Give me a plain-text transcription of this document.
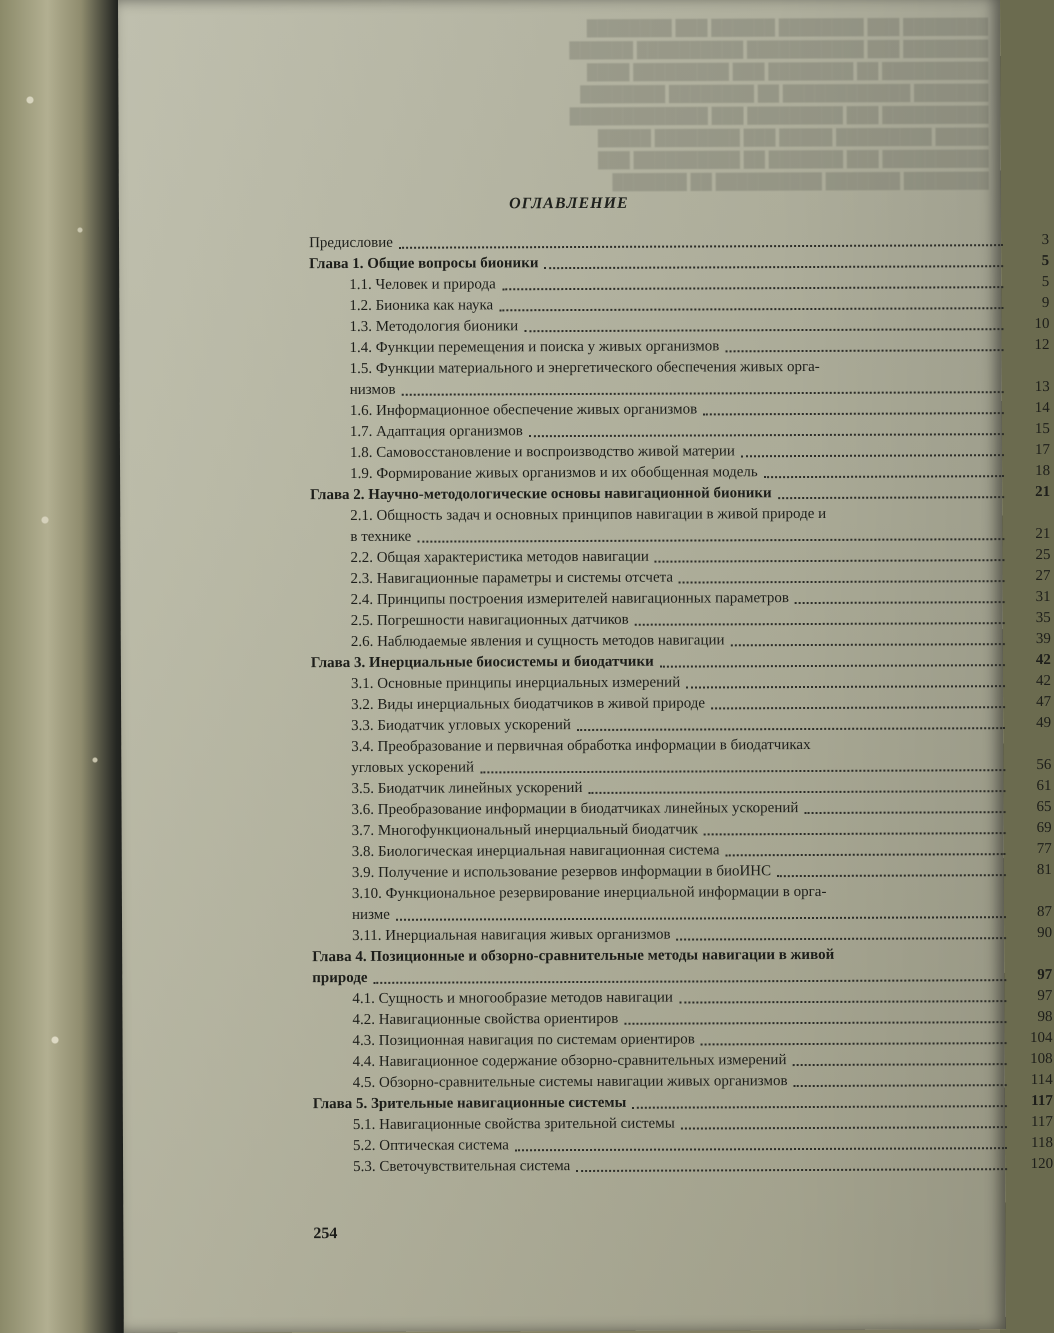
████████ ███ ████████ ██████ ███ ████████
████████ ███ ███████████ ██████████ ██████
██████████ ██ ████████ ███ █████████ ████
███████ ████████████ ██ ████████ ████████
██████████ ███ █████████ ███ █████████████
█████ █████████ █████ ███ ████████ █████
██████████ ███ ███████ ██ ██████████ ███
████████ ███████ ██████████ ██ ███████
ОГЛАВЛЕНИЕ
Предисловие	3
Глава 1. Общие вопросы бионики	5
1.1. Человек и природа	5
1.2. Бионика как наука	9
1.3. Методология бионики	10
1.4. Функции перемещения и поиска у живых организмов	12
1.5. Функции материального и энергетического обеспечения живых орга-
низмов	13
1.6. Информационное обеспечение живых организмов	14
1.7. Адаптация организмов	15
1.8. Самовосстановление и воспроизводство живой материи	17
1.9. Формирование живых организмов и их обобщенная модель	18
Глава 2. Научно-методологические основы навигационной бионики	21
2.1. Общность задач и основных принципов навигации в живой природе и
в технике	21
2.2. Общая характеристика методов навигации	25
2.3. Навигационные параметры и системы отсчета	27
2.4. Принципы построения измерителей навигационных параметров	31
2.5. Погрешности навигационных датчиков	35
2.6. Наблюдаемые явления и сущность методов навигации	39
Глава 3. Инерциальные биосистемы и биодатчики	42
3.1. Основные принципы инерциальных измерений	42
3.2. Виды инерциальных биодатчиков в живой природе	47
3.3. Биодатчик угловых ускорений	49
3.4. Преобразование и первичная обработка информации в биодатчиках
угловых ускорений	56
3.5. Биодатчик линейных ускорений	61
3.6. Преобразование информации в биодатчиках линейных ускорений	65
3.7. Многофункциональный инерциальный биодатчик	69
3.8. Биологическая инерциальная навигационная система	77
3.9. Получение и использование резервов информации в биоИНС	81
3.10. Функциональное резервирование инерциальной информации в орга-
низме	87
3.11. Инерциальная навигация живых организмов	90
Глава 4. Позиционные и обзорно-сравнительные методы навигации в живой
природе	97
4.1. Сущность и многообразие методов навигации	97
4.2. Навигационные свойства ориентиров	98
4.3. Позиционная навигация по системам ориентиров	104
4.4. Навигационное содержание обзорно-сравнительных измерений	108
4.5. Обзорно-сравнительные системы навигации живых организмов	114
Глава 5. Зрительные навигационные системы	117
5.1. Навигационные свойства зрительной системы	117
5.2. Оптическая система	118
5.3. Светочувствительная система	120
254
